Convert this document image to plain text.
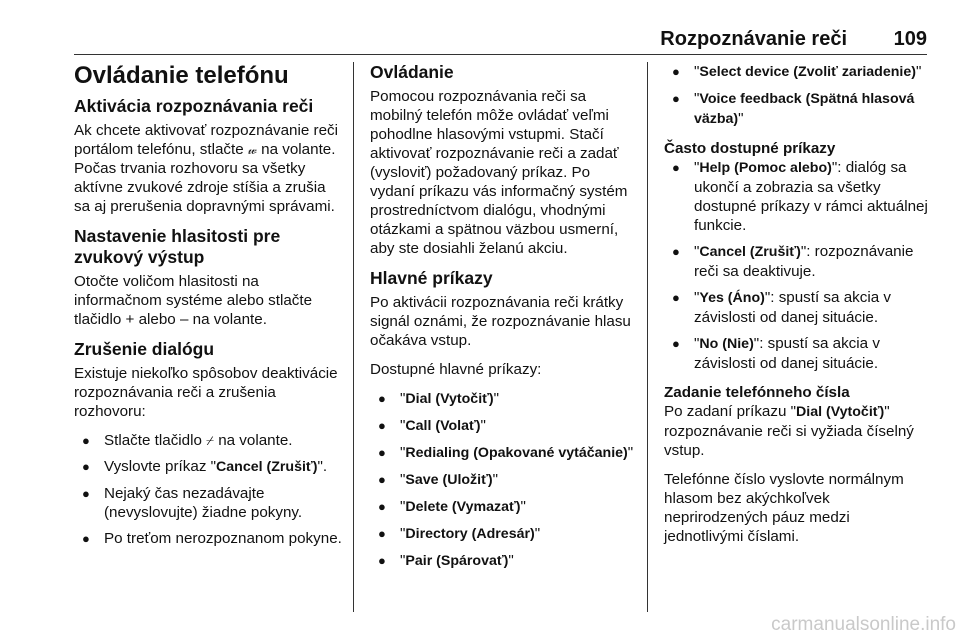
Rozpoznávanie reči 109
Ovládanie telefónu
Aktivácia rozpoznávania reči

Ak chcete aktivovať rozpoznávanie reči portálom telefónu, stlačte 𝓌 na volante. Počas trvania rozhovoru sa všetky aktívne zvukové zdroje stíšia a zrušia sa aj prerušenia dopravnými správami.

Nastavenie hlasitosti pre zvukový výstup

Otočte voličom hlasitosti na informačnom systéme alebo stlačte tlačidlo + alebo – na volante.

Zrušenie dialógu

Existuje niekoľko spôsobov deaktivácie rozpoznávania reči a zrušenia rozhovoru:

● Stlačte tlačidlo ⌿ na volante.
● Vyslovte príkaz "Cancel (Zrušiť)".
● Nejaký čas nezadávajte (nevyslovujte) žiadne pokyny.
● Po treťom nerozpoznanom pokyne.
Ovládanie

Pomocou rozpoznávania reči sa mobilný telefón môže ovládať veľmi pohodlne hlasovými vstupmi. Stačí aktivovať rozpoznávanie reči a zadať (vysloviť) požadovaný príkaz. Po vydaní príkazu vás informačný systém prostredníctvom dialógu, vhodnými otázkami a spätnou väzbou usmerní, aby ste dosiahli želanú akciu.

Hlavné príkazy

Po aktivácii rozpoznávania reči krátky signál oznámi, že rozpoznávanie hlasu očakáva vstup.

Dostupné hlavné príkazy:

● "Dial (Vytočiť)"
● "Call (Volať)"
● "Redialing (Opakované vytáčanie)"
● "Save (Uložiť)"
● "Delete (Vymazať)"
● "Directory (Adresár)"
● "Pair (Spárovať)"
● "Select device (Zvoliť zariadenie)"
● "Voice feedback (Spätná hlasová väzba)"
Často dostupné príkazy
● "Help (Pomoc alebo)": dialóg sa ukončí a zobrazia sa všetky dostupné príkazy v rámci aktuálnej funkcie.
● "Cancel (Zrušiť)": rozpoznávanie reči sa deaktivuje.
● "Yes (Áno)": spustí sa akcia v závislosti od danej situácie.
● "No (Nie)": spustí sa akcia v závislosti od danej situácie.
Zadanie telefónneho čísla

Po zadaní príkazu "Dial (Vytočiť)" rozpoznávanie reči si vyžiada číselný vstup.

Telefónne číslo vyslovte normálnym hlasom bez akýchkoľvek neprirodzených páuz medzi jednotlivými číslami.

carmanualsonline.info
